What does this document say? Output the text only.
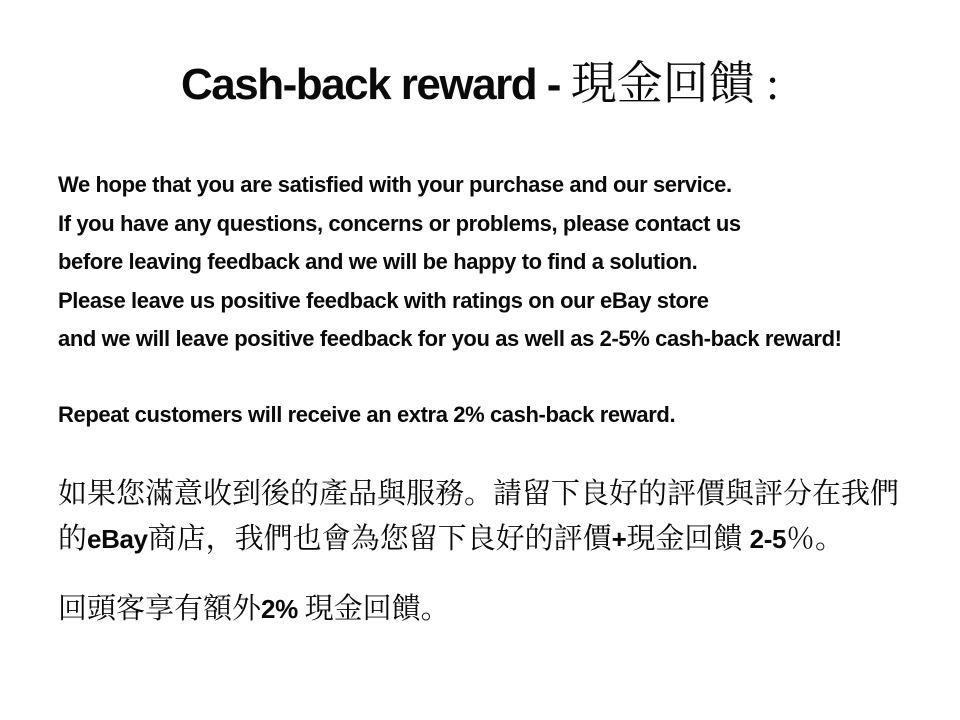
Cash-back reward - 現金回饋 :
We hope that you are satisfied with your purchase and our service.
If you have any questions, concerns or problems, please contact us
before leaving feedback and we will be happy to find a solution.
Please leave us positive feedback with ratings on our eBay store
and we will leave positive feedback for you as well as 2-5% cash-back reward!
Repeat customers will receive an extra 2% cash-back reward.
如果您滿意收到後的產品與服務。請留下良好的評價與評分在我們
的eBay商店，我們也會為您留下良好的評價+現金回饋 2-5％。
回頭客享有額外2% 現金回饋。
